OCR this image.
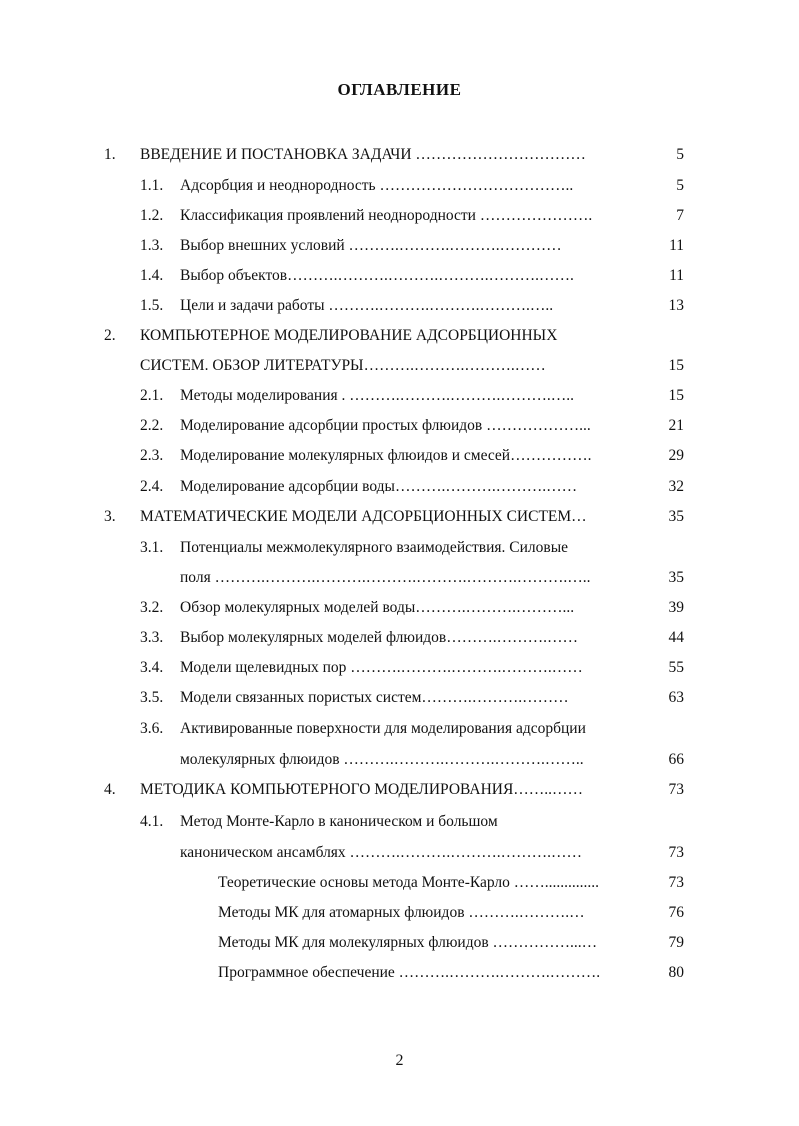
ОГЛАВЛЕНИЕ
1. ВВЕДЕНИЕ И ПОСТАНОВКА ЗАДАЧИ ……………………………	5
1.1. Адсорбция и неоднородность ………………………………..	5
1.2. Классификация проявлений неоднородности ………………….	7
1.3. Выбор внешних условий ……….……….……….…………	11
1.4. Выбор объектов……….……….……….……….……….…….	11
1.5. Цели и задачи работы ……….……….……….……….…..	13
2. КОМПЬЮТЕРНОЕ МОДЕЛИРОВАНИЕ АДСОРБЦИОННЫХ
СИСТЕМ. ОБЗОР ЛИТЕРАТУРЫ……….……….……….……	15
2.1. Методы моделирования . ……….……….……….……….…..	15
2.2. Моделирование адсорбции простых флюидов ………………...	21
2.3. Моделирование молекулярных флюидов и смесей…………….	29
2.4. Моделирование адсорбции воды……….……….……….……	32
3. МАТЕМАТИЧЕСКИЕ МОДЕЛИ АДСОРБЦИОННЫХ СИСТЕМ…	35
3.1. Потенциалы межмолекулярного взаимодействия. Силовые
поля ……….……….……….……….……….……….……….…..	35
3.2. Обзор молекулярных моделей воды……….……….………...	39
3.3. Выбор молекулярных моделей флюидов……….……….……	44
3.4. Модели щелевидных пор ……….……….……….……….……	55
3.5. Модели связанных пористых систем……….……….………	63
3.6. Активированные поверхности для моделирования адсорбции
молекулярных флюидов ……….……….……….……….……..	66
4. МЕТОДИКА КОМПЬЮТЕРНОГО МОДЕЛИРОВАНИЯ……..……	73
4.1. Метод Монте-Карло в каноническом и большом
каноническом ансамблях ……….……….……….……….……	73
Теоретические основы метода Монте-Карло ……..............	73
Методы МК для атомарных флюидов ……….……….…	76
Методы МК для молекулярных флюидов ……………...…	79
Программное обеспечение ……….……….……….……….	80
2
